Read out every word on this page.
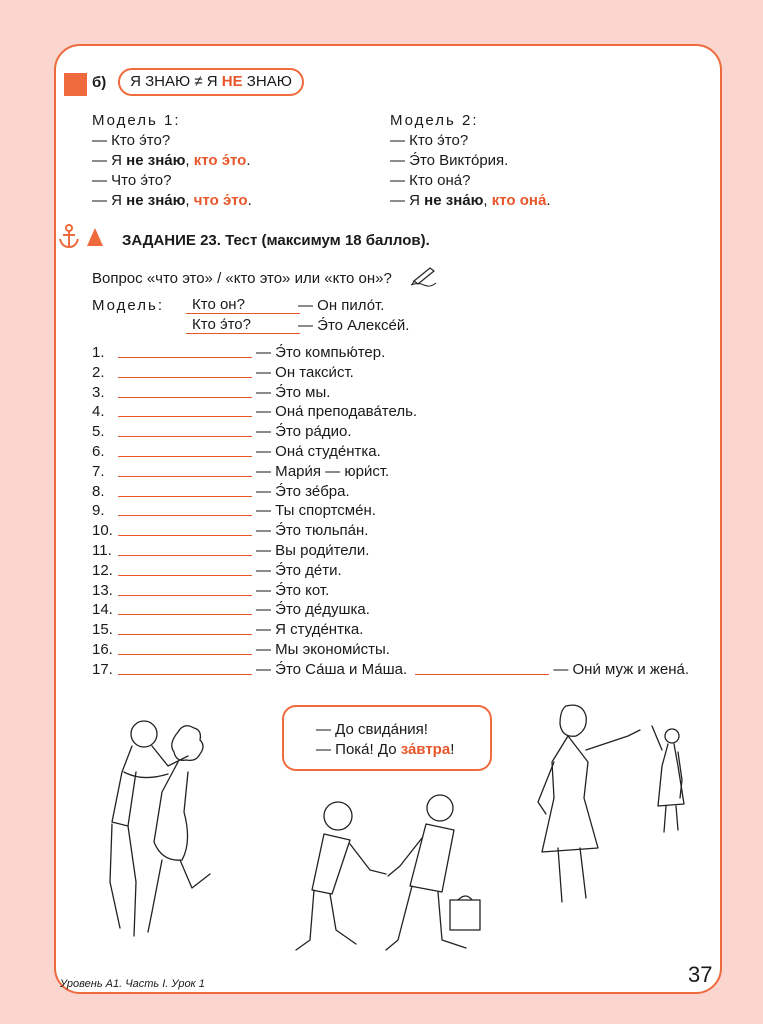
б)	Я ЗНАЮ ≠ Я НЕ ЗНАЮ
Модель 1:
— Кто э́то?
— Я не зна́ю, кто э́то.
— Что э́то?
— Я не зна́ю, что э́то.
Модель 2:
— Кто э́то?
— Э́то Викто́рия.
— Кто она́?
— Я не зна́ю, кто она́.
ЗАДАНИЕ 23. Тест (максимум 18 баллов).
Вопрос «что это» / «кто это» или «кто он»?
Модель:	Кто он?	— Он пило́т.
Кто э́то?	— Э́то Алексе́й.
1.	— Э́то компью́тер.
2.	— Он такси́ст.
3.	— Э́то мы.
4.	— Она́ преподава́тель.
5.	— Э́то ра́дио.
6.	— Она́ студе́нтка.
7.	— Мари́я — юри́ст.
8.	— Э́то зе́бра.
9.	— Ты спортсме́н.
10.	— Э́то тюльпа́н.
11.	— Вы роди́тели.
12.	— Э́то де́ти.
13.	— Э́то кот.
14.	— Э́то де́душка.
15.	— Я студе́нтка.
16.	— Мы экономи́сты.
17.	— Э́то Са́ша и Ма́ша.	— Они́ муж и жена́.
— До свида́ния!
— Пока́! До за́втра!
Уровень А1. Часть I. Урок 1	37
